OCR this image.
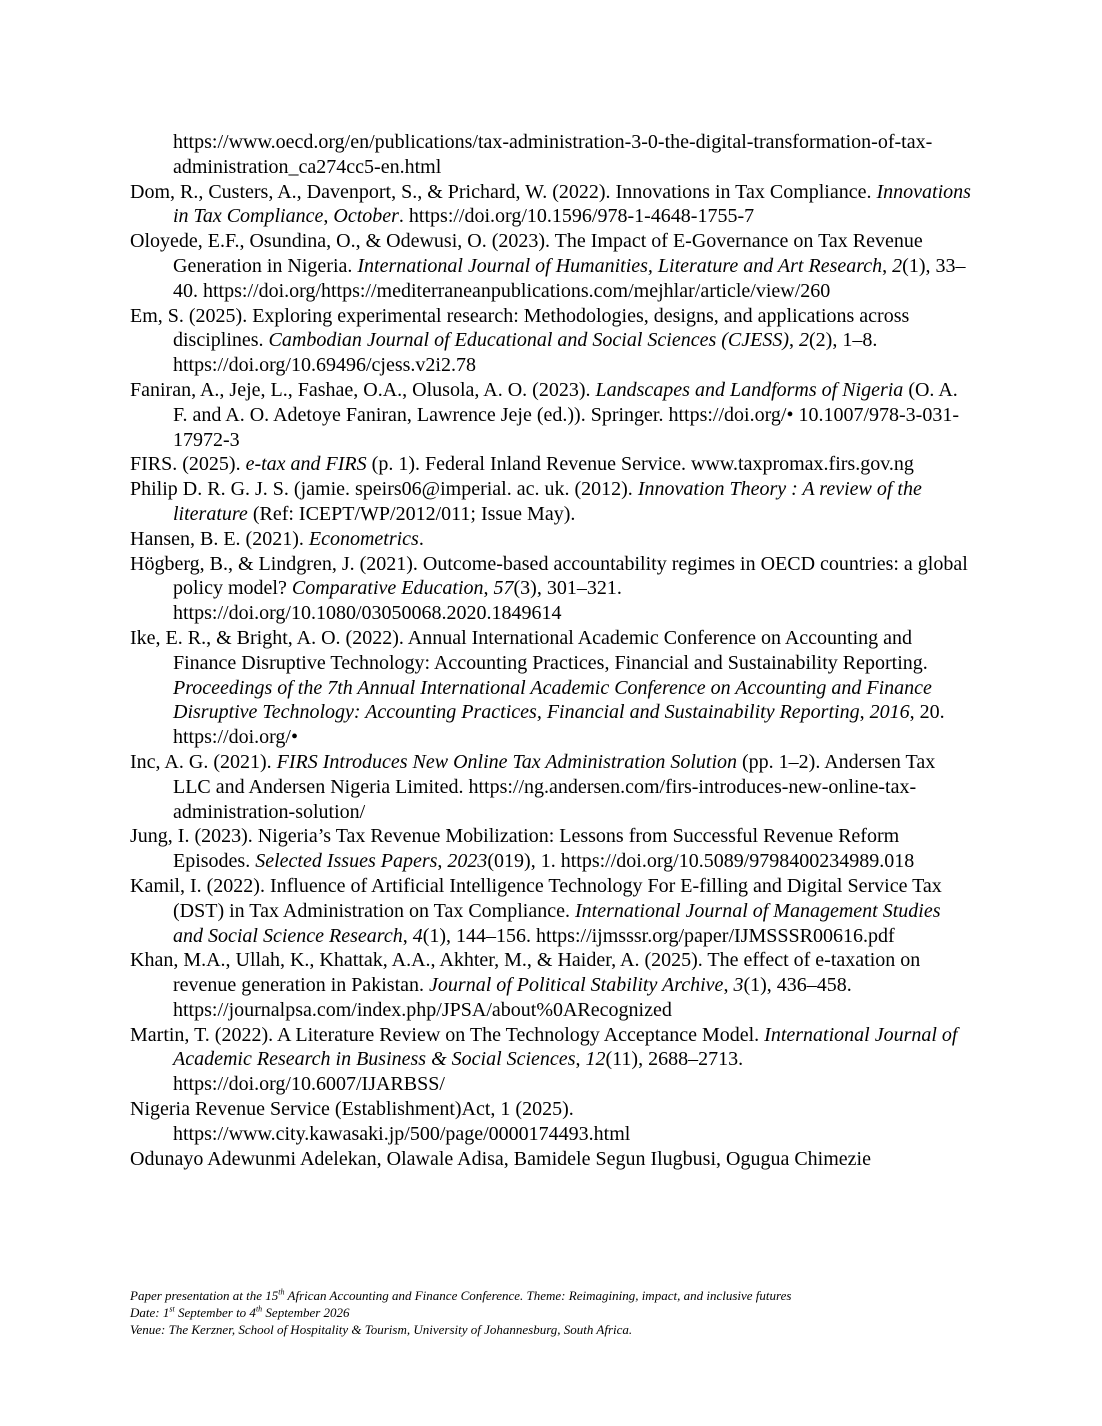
https://www.oecd.org/en/publications/tax-administration-3-0-the-digital-transformation-of-tax-administration_ca274cc5-en.html

Dom, R., Custers, A., Davenport, S., & Prichard, W. (2022). Innovations in Tax Compliance. Innovations in Tax Compliance, October. https://doi.org/10.1596/978-1-4648-1755-7

Oloyede, E.F., Osundina, O., & Odewusi, O. (2023). The Impact of E-Governance on Tax Revenue Generation in Nigeria. International Journal of Humanities, Literature and Art Research, 2(1), 33–40. https://doi.org/https://mediterraneanpublications.com/mejhlar/article/view/260

Em, S. (2025). Exploring experimental research: Methodologies, designs, and applications across disciplines. Cambodian Journal of Educational and Social Sciences (CJESS), 2(2), 1–8. https://doi.org/10.69496/cjess.v2i2.78

Faniran, A., Jeje, L., Fashae, O.A., Olusola, A. O. (2023). Landscapes and Landforms of Nigeria (O. A. F. and A. O. Adetoye Faniran, Lawrence Jeje (ed.)). Springer. https://doi.org/• 10.1007/978-3-031-17972-3

FIRS. (2025). e-tax and FIRS (p. 1). Federal Inland Revenue Service. www.taxpromax.firs.gov.ng

Philip D. R. G. J. S. (jamie. speirs06@imperial. ac. uk. (2012). Innovation Theory : A review of the literature (Ref: ICEPT/WP/2012/011; Issue May).

Hansen, B. E. (2021). Econometrics.

Högberg, B., & Lindgren, J. (2021). Outcome-based accountability regimes in OECD countries: a global policy model? Comparative Education, 57(3), 301–321. https://doi.org/10.1080/03050068.2020.1849614

Ike, E. R., & Bright, A. O. (2022). Annual International Academic Conference on Accounting and Finance Disruptive Technology: Accounting Practices, Financial and Sustainability Reporting. Proceedings of the 7th Annual International Academic Conference on Accounting and Finance Disruptive Technology: Accounting Practices, Financial and Sustainability Reporting, 2016, 20. https://doi.org/•

Inc, A. G. (2021). FIRS Introduces New Online Tax Administration Solution (pp. 1–2). Andersen Tax LLC and Andersen Nigeria Limited. https://ng.andersen.com/firs-introduces-new-online-tax-administration-solution/

Jung, I. (2023). Nigeria’s Tax Revenue Mobilization: Lessons from Successful Revenue Reform Episodes. Selected Issues Papers, 2023(019), 1. https://doi.org/10.5089/9798400234989.018

Kamil, I. (2022). Influence of Artificial Intelligence Technology For E-filling and Digital Service Tax (DST) in Tax Administration on Tax Compliance. International Journal of Management Studies and Social Science Research, 4(1), 144–156. https://ijmsssr.org/paper/IJMSSSR00616.pdf

Khan, M.A., Ullah, K., Khattak, A.A., Akhter, M., & Haider, A. (2025). The effect of e-taxation on revenue generation in Pakistan. Journal of Political Stability Archive, 3(1), 436–458. https://journalpsa.com/index.php/JPSA/about%0ARecognized

Martin, T. (2022). A Literature Review on The Technology Acceptance Model. International Journal of Academic Research in Business & Social Sciences, 12(11), 2688–2713. https://doi.org/10.6007/IJARBSS/

Nigeria Revenue Service (Establishment)Act, 1 (2025). https://www.city.kawasaki.jp/500/page/0000174493.html

Odunayo Adewunmi Adelekan, Olawale Adisa, Bamidele Segun Ilugbusi, Ogugua Chimezie

Paper presentation at the 15th African Accounting and Finance Conference. Theme: Reimagining, impact, and inclusive futures
Date: 1st September to 4th September 2026
Venue: The Kerzner, School of Hospitality & Tourism, University of Johannesburg, South Africa.
